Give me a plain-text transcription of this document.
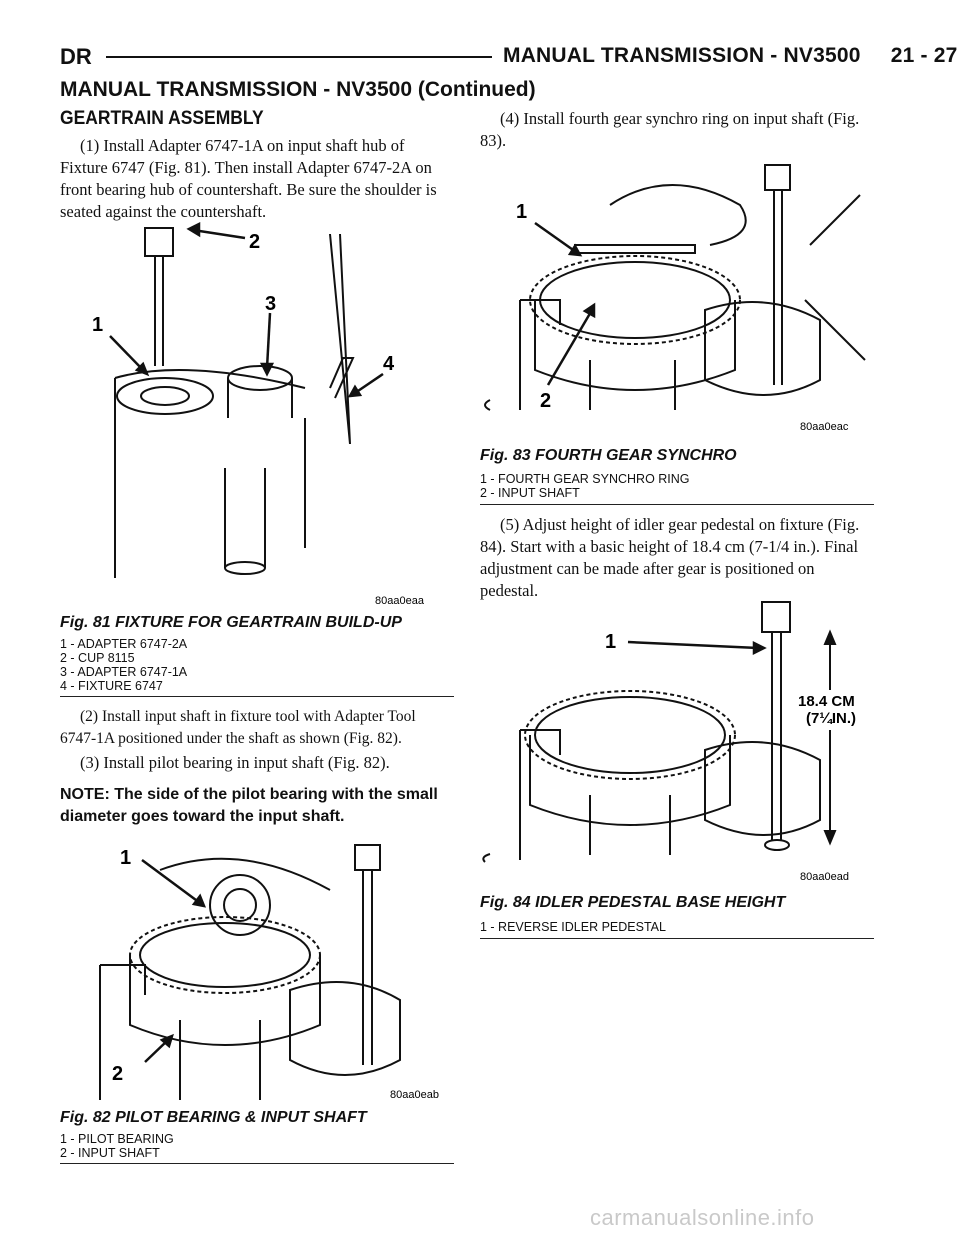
DR	MANUAL TRANSMISSION - NV3500     21 - 27
MANUAL TRANSMISSION - NV3500 (Continued)
GEARTRAIN ASSEMBLY
(1) Install Adapter 6747-1A on input shaft hub of Fixture 6747 (Fig. 81). Then install Adapter 6747-2A on front bearing hub of countershaft. Be sure the shoulder is seated against the countershaft.
80aa0eaa
2
3
1
4
Fig. 81 FIXTURE FOR GEARTRAIN BUILD-UP
1 - ADAPTER 6747-2A
2 - CUP 8115
3 - ADAPTER 6747-1A
4 - FIXTURE 6747
(2) Install input shaft in fixture tool with Adapter Tool 6747-1A positioned under the shaft as shown (Fig. 82).
(3) Install pilot bearing in input shaft (Fig. 82).
NOTE: The side of the pilot bearing with the small diameter goes toward the input shaft.
80aa0eab
1
2
Fig. 82 PILOT BEARING & INPUT SHAFT
1 - PILOT BEARING
2 - INPUT SHAFT
(4) Install fourth gear synchro ring on input shaft (Fig. 83).
80aa0eac
1
2
Fig. 83 FOURTH GEAR SYNCHRO
1 - FOURTH GEAR SYNCHRO RING
2 - INPUT SHAFT
(5) Adjust height of idler gear pedestal on fixture (Fig. 84). Start with a basic height of 18.4 cm (7-1/4 in.). Final adjustment can be made after gear is positioned on pedestal.
18.4 CM
(7¼IN.)
80aa0ead
1
Fig. 84 IDLER PEDESTAL BASE HEIGHT
1 - REVERSE IDLER PEDESTAL
carmanualsonline.info
